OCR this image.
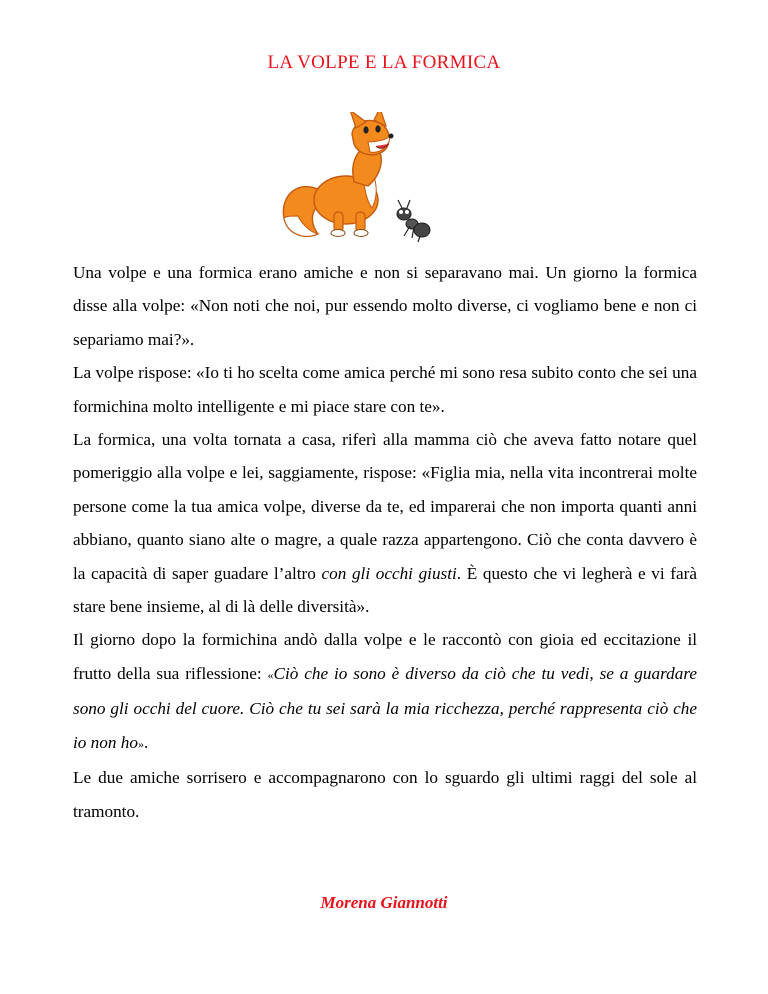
LA VOLPE E LA FORMICA

Una volpe e una formica erano amiche e non si separavano mai. Un giorno la formica disse alla volpe: «Non noti che noi, pur essendo molto diverse, ci vogliamo bene e non ci separiamo mai?».

La volpe rispose: «Io ti ho scelta come amica perché mi sono resa subito conto che sei una formichina molto intelligente e mi piace stare con te».

La formica, una volta tornata a casa, riferì alla mamma ciò che aveva fatto notare quel pomeriggio alla volpe e lei, saggiamente, rispose: «Figlia mia, nella vita incontrerai molte persone come la tua amica volpe, diverse da te, ed imparerai che non importa quanti anni abbiano, quanto siano alte o magre, a quale razza appartengono. Ciò che conta davvero è la capacità di saper guadare l’altro con gli occhi giusti. È questo che vi legherà e vi farà stare bene insieme, al di là delle diversità».

Il giorno dopo la formichina andò dalla volpe e le raccontò con gioia ed eccitazione il frutto della sua riflessione: «Ciò che io sono è diverso da ciò che tu vedi, se a guardare sono gli occhi del cuore. Ciò che tu sei sarà la mia ricchezza, perché rappresenta ciò che io non ho».

Le due amiche sorrisero e accompagnarono con lo sguardo gli ultimi raggi del sole al tramonto.

Morena Giannotti
